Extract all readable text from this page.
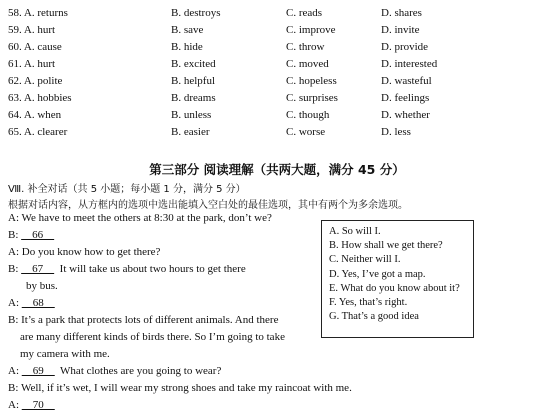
58. A. returns	B. destroys	C. reads	D. shares
59. A. hurt	B. save	C. improve	D. invite
60. A. cause	B. hide	C. throw	D. provide
61. A. hurt	B. excited	C. moved	D. interested
62. A. polite	B. helpful	C. hopeless	D. wasteful
63. A. hobbies	B. dreams	C. surprises	D. feelings
64. A. when	B. unless	C. though	D. whether
65. A. clearer	B. easier	C. worse	D. less
第三部分 阅读理解（共两大题，满分 45 分）
Ⅷ. 补全对话（共 5 小题；每小题 1 分，满分 5 分）
根据对话内容，从方框内的选项中选出能填入空白处的最佳选项，其中有两个为多余选项。
A: We have to meet the others at 8:30 at the park, don’t we?
B:     66
A: Do you know how to get there?
B:     67      It will take us about two hours to get there
by bus.
A:     68
B: It’s a park that protects lots of different animals. And there
are many different kinds of birds there. So I’m going to take
my camera with me.
A:     69      What clothes are you going to wear?
B: Well, if it’s wet, I will wear my strong shoes and take my raincoat with me.
A:     70
A. So will I.
B. How shall we get there?
C. Neither will I.
D. Yes, I’ve got a map.
E. What do you know about it?
F. Yes, that’s right.
G. That’s a good idea
